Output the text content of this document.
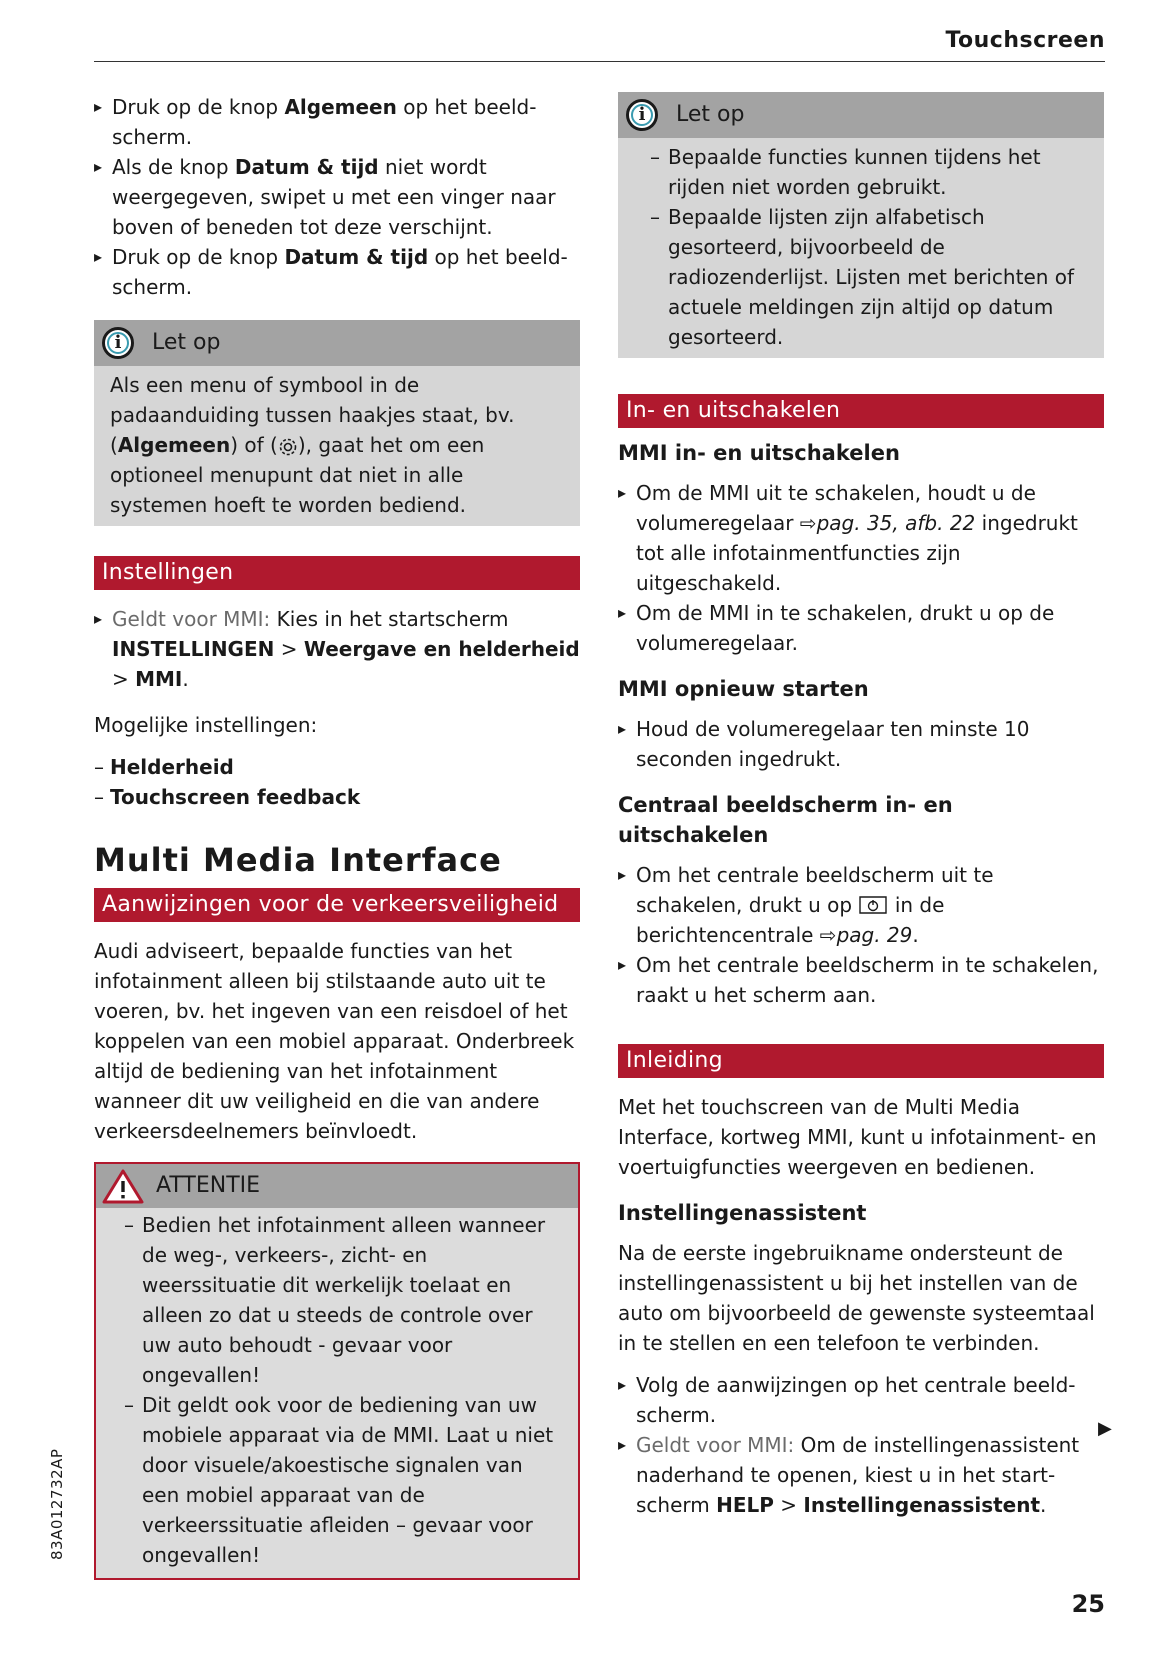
Touchscreen

▸ Druk op de knop Algemeen op het beeld-scherm.

▸ Als de knop Datum & tijd niet wordt weergegeven, swipet u met een vinger naar boven of beneden tot deze verschijnt.

▸ Druk op de knop Datum & tijd op het beeld-scherm.

i Let op

Als een menu of symbool in de padaanduiding tussen haakjes staat, bv. (Algemeen) of ( ), gaat het om een optioneel menupunt dat niet in alle systemen hoeft te worden bediend.

Instellingen

▸ Geldt voor MMI: Kies in het startscherm INSTELLINGEN > Weergave en helderheid > MMI.

Mogelijke instellingen:

– Helderheid

– Touchscreen feedback

Multi Media Interface
Aanwijzingen voor de verkeersveiligheid

Audi adviseert, bepaalde functies van het infotainment alleen bij stilstaande auto uit te voeren, bv. het ingeven van een reisdoel of het koppelen van een mobiel apparaat. Onderbreek altijd de bediening van het infotainment wanneer dit uw veiligheid en die van andere verkeersdeelnemers beïnvloedt.

ATTENTIE

– Bedien het infotainment alleen wanneer de weg-, verkeers-, zicht- en weerssituatie dit werkelijk toelaat en alleen zo dat u steeds de controle over uw auto behoudt - gevaar voor ongevallen!

– Dit geldt ook voor de bediening van uw mobiele apparaat via de MMI. Laat u niet door visuele/akoestische signalen van een mobiel apparaat van de verkeerssituatie afleiden – gevaar voor ongevallen!

i Let op

– Bepaalde functies kunnen tijdens het rijden niet worden gebruikt.

– Bepaalde lijsten zijn alfabetisch gesorteerd, bijvoorbeeld de radiozenderlijst. Lijsten met berichten of actuele meldingen zijn altijd op datum gesorteerd.

In- en uitschakelen

MMI in- en uitschakelen

▸ Om de MMI uit te schakelen, houdt u de volumeregelaar ⇨pag. 35, afb. 22 ingedrukt tot alle infotainmentfuncties zijn uitgeschakeld.

▸ Om de MMI in te schakelen, drukt u op de volumeregelaar.

MMI opnieuw starten

▸ Houd de volumeregelaar ten minste 10 seconden ingedrukt.

Centraal beeldscherm in- en uitschakelen

▸ Om het centrale beeldscherm uit te schakelen, drukt u op  in de berichtencentrale ⇨pag. 29.

▸ Om het centrale beeldscherm in te schakelen, raakt u het scherm aan.

Inleiding

Met het touchscreen van de Multi Media Interface, kortweg MMI, kunt u infotainment- en voertuigfuncties weergeven en bedienen.

Instellingenassistent

Na de eerste ingebruikname ondersteunt de instellingenassistent u bij het instellen van de auto om bijvoorbeeld de gewenste systeemtaal in te stellen en een telefoon te verbinden.

▸ Volg de aanwijzingen op het centrale beeld-scherm.

▸ Geldt voor MMI: Om de instellingenassistent naderhand te openen, kiest u in het start-scherm HELP > Instellingenassistent.

83A012732AP
▶
25
